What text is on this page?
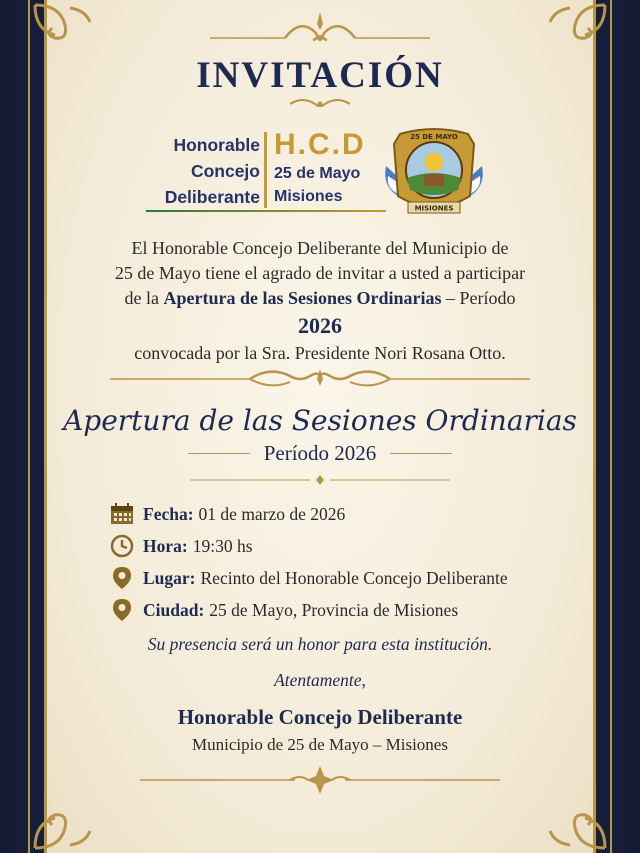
INVITACIÓN
Honorable
Concejo
Deliberante
H.C.D
25 de Mayo
Misiones
25 DE MAYO
MISIONES
El Honorable Concejo Deliberante del Municipio de
25 de Mayo tiene el agrado de invitar a usted a participar
de la Apertura de las Sesiones Ordinarias – Período
2026
convocada por la Sra. Presidente Nori Rosana Otto.
Apertura de las Sesiones Ordinarias
Período 2026
Fecha: 01 de marzo de 2026
Hora: 19:30 hs
Lugar: Recinto del Honorable Concejo Deliberante
Ciudad: 25 de Mayo, Provincia de Misiones
Su presencia será un honor para esta institución.
Atentamente,
Honorable Concejo Deliberante
Municipio de 25 de Mayo – Misiones
